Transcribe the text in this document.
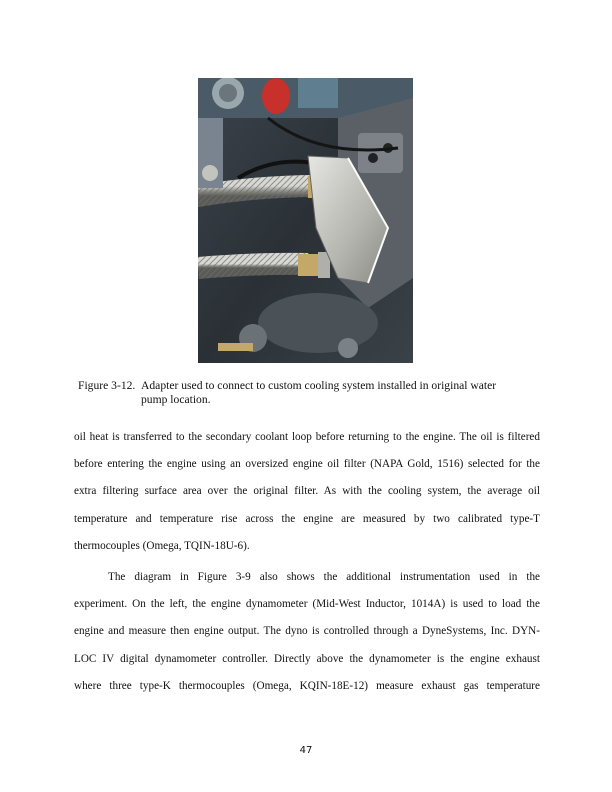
Figure 3-12. Adapter used to connect to custom cooling system installed in original water
pump location.

oil heat is transferred to the secondary coolant loop before returning to the engine. The oil is filtered

before entering the engine using an oversized engine oil filter (NAPA Gold, 1516) selected for the

extra filtering surface area over the original filter. As with the cooling system, the average oil

temperature and temperature rise across the engine are measured by two calibrated type-T

thermocouples (Omega, TQIN-18U-6).

The diagram in Figure 3-9 also shows the additional instrumentation used in the

experiment. On the left, the engine dynamometer (Mid-West Inductor, 1014A) is used to load the

engine and measure then engine output. The dyno is controlled through a DyneSystems, Inc. DYN-

LOC IV digital dynamometer controller. Directly above the dynamometer is the engine exhaust

where three type-K thermocouples (Omega, KQIN-18E-12) measure exhaust gas temperature

47
